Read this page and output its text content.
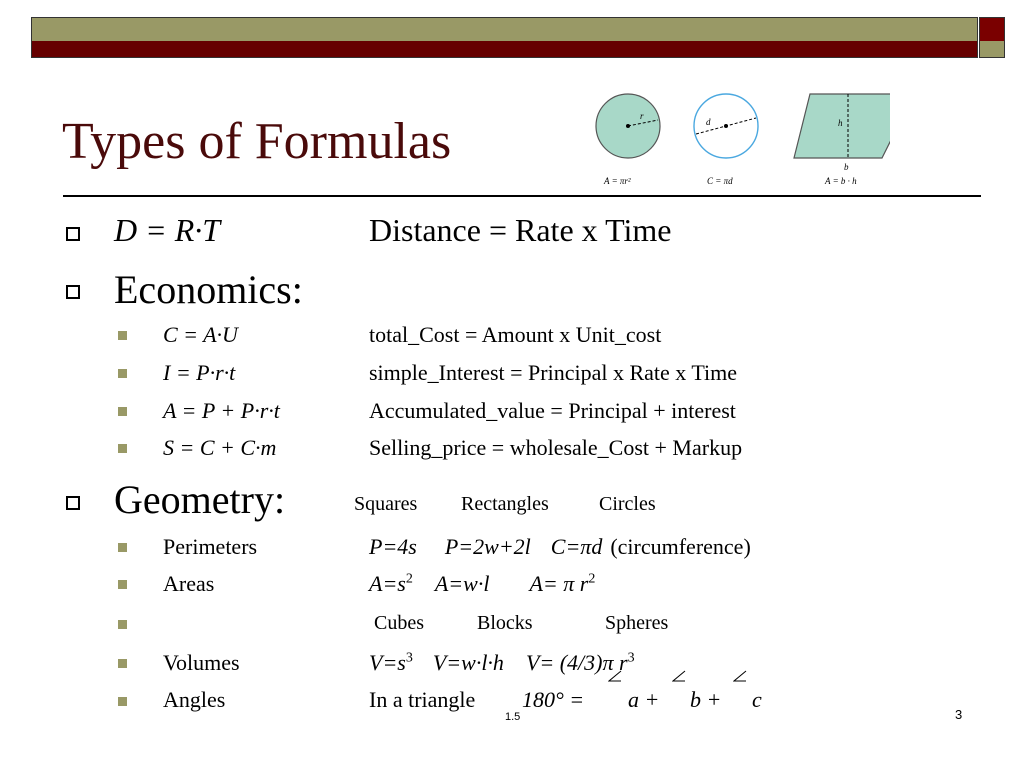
Types of Formulas	r
A = πr²
d
C = πd
h
b
A = b · h
D = R·T	Distance = Rate x Time
Economics:
C = A·U	total_Cost = Amount x Unit_cost
I = P·r·t	simple_Interest = Principal x Rate x Time
A = P + P·r·t	Accumulated_value = Principal + interest
S = C + C·m	Selling_price = wholesale_Cost + Markup
Geometry:	Squares Rectangles	Circles
Perimeters	P=4s P=2w+2l C=πd (circumference)
Areas	$A=s^2$ A=w·l A= π $r^2$
Cubes	Blocks	Spheres
Volumes	$V=s^3$ V=w·l·h V= (4/3)π $r^3$
Angles	In a triangle 180° = a + b + c
1.5	3
